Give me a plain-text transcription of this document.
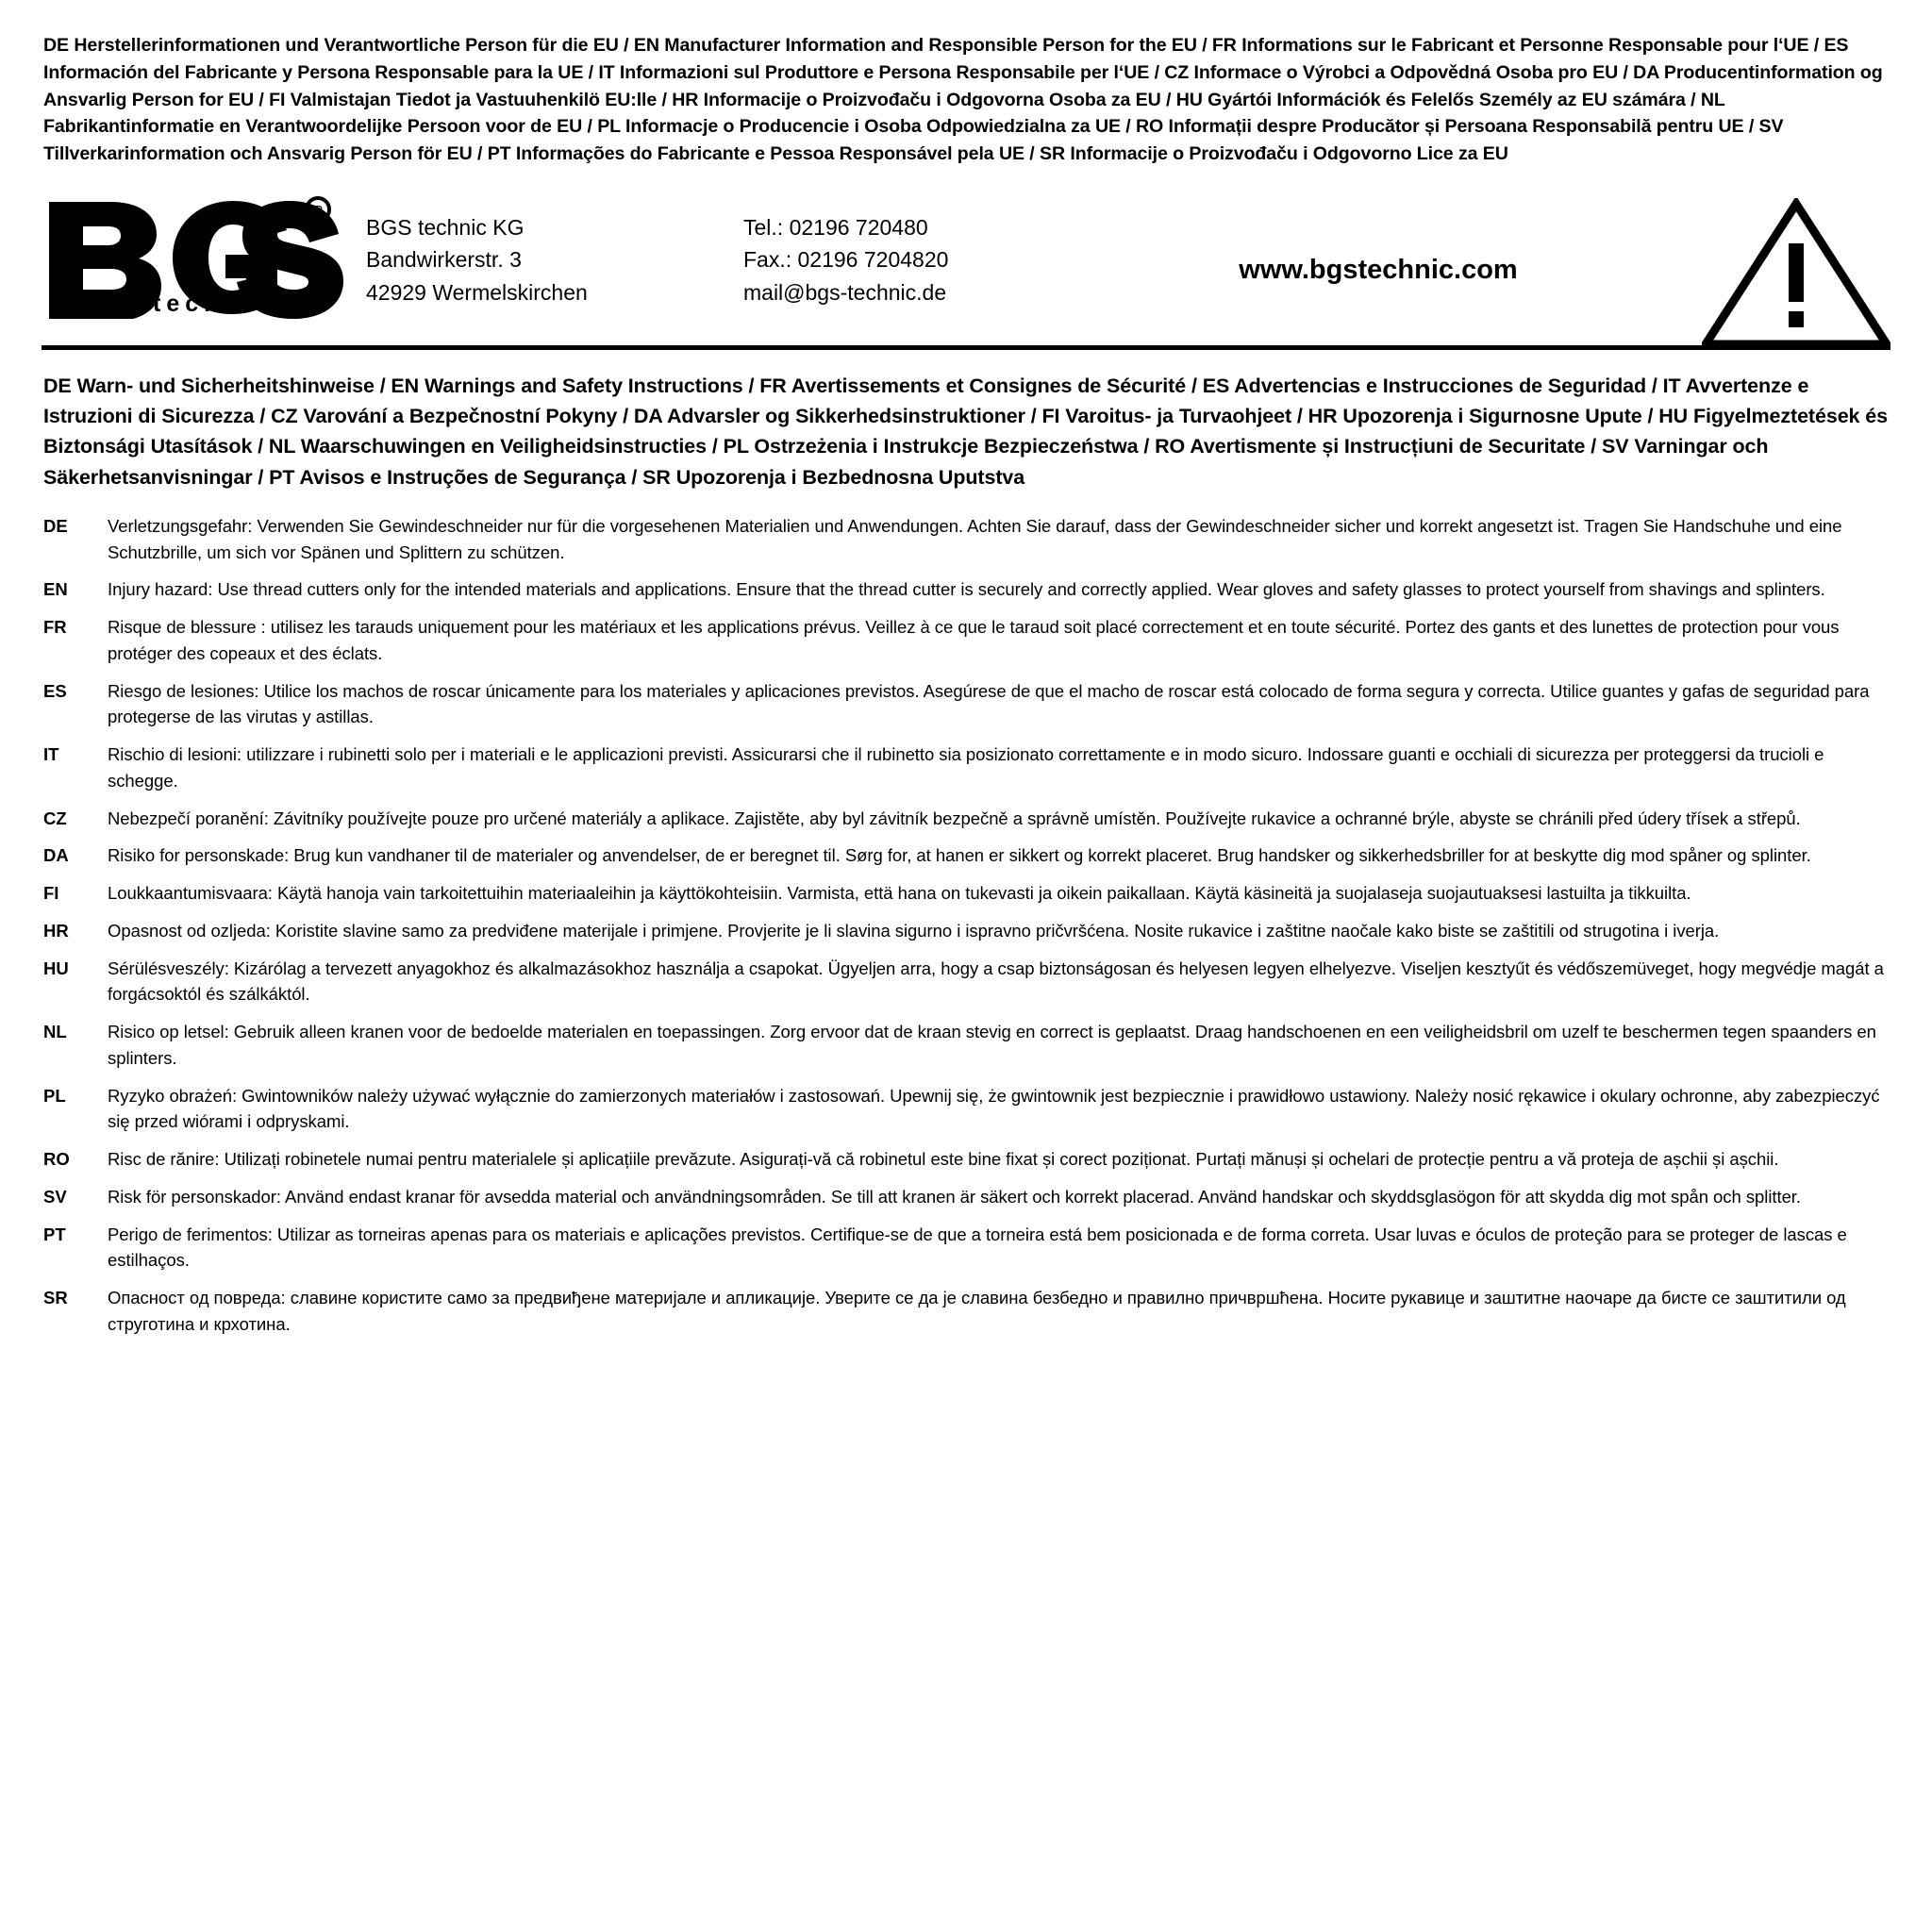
DE Herstellerinformationen und Verantwortliche Person für die EU / EN Manufacturer Information and Responsible Person for the EU / FR Informations sur le Fabricant et Personne Responsable pour l‘UE / ES Información del Fabricante y Persona Responsable para la UE / IT Informazioni sul Produttore e Persona Responsabile per l‘UE / CZ Informace o Výrobci a Odpovědná Osoba pro EU / DA Producentinformation og Ansvarlig Person for EU / FI Valmistajan Tiedot ja Vastuuhenkilö EU:lle / HR Informacije o Proizvođaču i Odgovorna Osoba za EU / HU Gyártói Információk és Felelős Személy az EU számára / NL Fabrikantinformatie en Verantwoordelijke Persoon voor de EU / PL Informacje o Producencie i Osoba Odpowiedzialna za UE / RO Informații despre Producător și Persoana Responsabilă pentru UE / SV Tillverkarinformation och Ansvarig Person för EU / PT Informações do Fabricante e Pessoa Responsável pela UE / SR Informacije o Proizvođaču i Odgovorno Lice za EU
R
technic
BGS technic KG
Bandwirkerstr. 3
42929 Wermelskirchen
Tel.: 02196 720480
Fax.: 02196 7204820
mail@bgs-technic.de
www.bgstechnic.com
DE Warn- und Sicherheitshinweise / EN Warnings and Safety Instructions / FR Avertissements et Consignes de Sécurité / ES Advertencias e Instrucciones de Seguridad / IT Avvertenze e Istruzioni di Sicurezza / CZ Varování a Bezpečnostní Pokyny / DA Advarsler og Sikkerhedsinstruktioner / FI Varoitus- ja Turvaohjeet / HR Upozorenja i Sigurnosne Upute / HU Figyelmeztetések és Biztonsági Utasítások / NL Waarschuwingen en Veiligheidsinstructies / PL Ostrzeżenia i Instrukcje Bezpieczeństwa / RO Avertismente și Instrucțiuni de Securitate / SV Varningar och Säkerhetsanvisningar / PT Avisos e Instruções de Segurança / SR Upozorenja i Bezbednosna Uputstva
DE	Verletzungsgefahr: Verwenden Sie Gewindeschneider nur für die vorgesehenen Materialien und Anwendungen. Achten Sie darauf, dass der Gewindeschneider sicher und korrekt angesetzt ist. Tragen Sie Handschuhe und eine Schutzbrille, um sich vor Spänen und Splittern zu schützen.
EN	Injury hazard: Use thread cutters only for the intended materials and applications. Ensure that the thread cutter is securely and correctly applied. Wear gloves and safety glasses to protect yourself from shavings and splinters.
FR	Risque de blessure : utilisez les tarauds uniquement pour les matériaux et les applications prévus. Veillez à ce que le taraud soit placé correctement et en toute sécurité. Portez des gants et des lunettes de protection pour vous protéger des copeaux et des éclats.
ES	Riesgo de lesiones: Utilice los machos de roscar únicamente para los materiales y aplicaciones previstos. Asegúrese de que el macho de roscar está colocado de forma segura y correcta. Utilice guantes y gafas de seguridad para protegerse de las virutas y astillas.
IT	Rischio di lesioni: utilizzare i rubinetti solo per i materiali e le applicazioni previsti. Assicurarsi che il rubinetto sia posizionato correttamente e in modo sicuro. Indossare guanti e occhiali di sicurezza per proteggersi da trucioli e schegge.
CZ	Nebezpečí poranění: Závitníky používejte pouze pro určené materiály a aplikace. Zajistěte, aby byl závitník bezpečně a správně umístěn. Používejte rukavice a ochranné brýle, abyste se chránili před údery třísek a střepů.
DA	Risiko for personskade: Brug kun vandhaner til de materialer og anvendelser, de er beregnet til. Sørg for, at hanen er sikkert og korrekt placeret. Brug handsker og sikkerhedsbriller for at beskytte dig mod spåner og splinter.
FI	Loukkaantumisvaara: Käytä hanoja vain tarkoitettuihin materiaaleihin ja käyttökohteisiin. Varmista, että hana on tukevasti ja oikein paikallaan. Käytä käsineitä ja suojalaseja suojautuaksesi lastuilta ja tikkuilta.
HR	Opasnost od ozljeda: Koristite slavine samo za predviđene materijale i primjene. Provjerite je li slavina sigurno i ispravno pričvršćena. Nosite rukavice i zaštitne naočale kako biste se zaštitili od strugotina i iverja.
HU	Sérülésveszély: Kizárólag a tervezett anyagokhoz és alkalmazásokhoz használja a csapokat. Ügyeljen arra, hogy a csap biztonságosan és helyesen legyen elhelyezve. Viseljen kesztyűt és védőszemüveget, hogy megvédje magát a forgácsoktól és szálkáktól.
NL	Risico op letsel: Gebruik alleen kranen voor de bedoelde materialen en toepassingen. Zorg ervoor dat de kraan stevig en correct is geplaatst. Draag handschoenen en een veiligheidsbril om uzelf te beschermen tegen spaanders en splinters.
PL	Ryzyko obrażeń: Gwintowników należy używać wyłącznie do zamierzonych materiałów i zastosowań. Upewnij się, że gwintownik jest bezpiecznie i prawidłowo ustawiony. Należy nosić rękawice i okulary ochronne, aby zabezpieczyć się przed wiórami i odpryskami.
RO	Risc de rănire: Utilizați robinetele numai pentru materialele și aplicațiile prevăzute. Asigurați-vă că robinetul este bine fixat și corect poziționat. Purtați mănuși și ochelari de protecție pentru a vă proteja de așchii și așchii.
SV	Risk för personskador: Använd endast kranar för avsedda material och användningsområden. Se till att kranen är säkert och korrekt placerad. Använd handskar och skyddsglasögon för att skydda dig mot spån och splitter.
PT	Perigo de ferimentos: Utilizar as torneiras apenas para os materiais e aplicações previstos. Certifique-se de que a torneira está bem posicionada e de forma correta. Usar luvas e óculos de proteção para se proteger de lascas e estilhaços.
SR	Опасност од повреда: славине користите само за предвиђене материјале и апликације. Уверите се да је славина безбедно и правилно причвршћена. Носите рукавице и заштитне наочаре да бисте се заштитили од струготина и крхотина.
